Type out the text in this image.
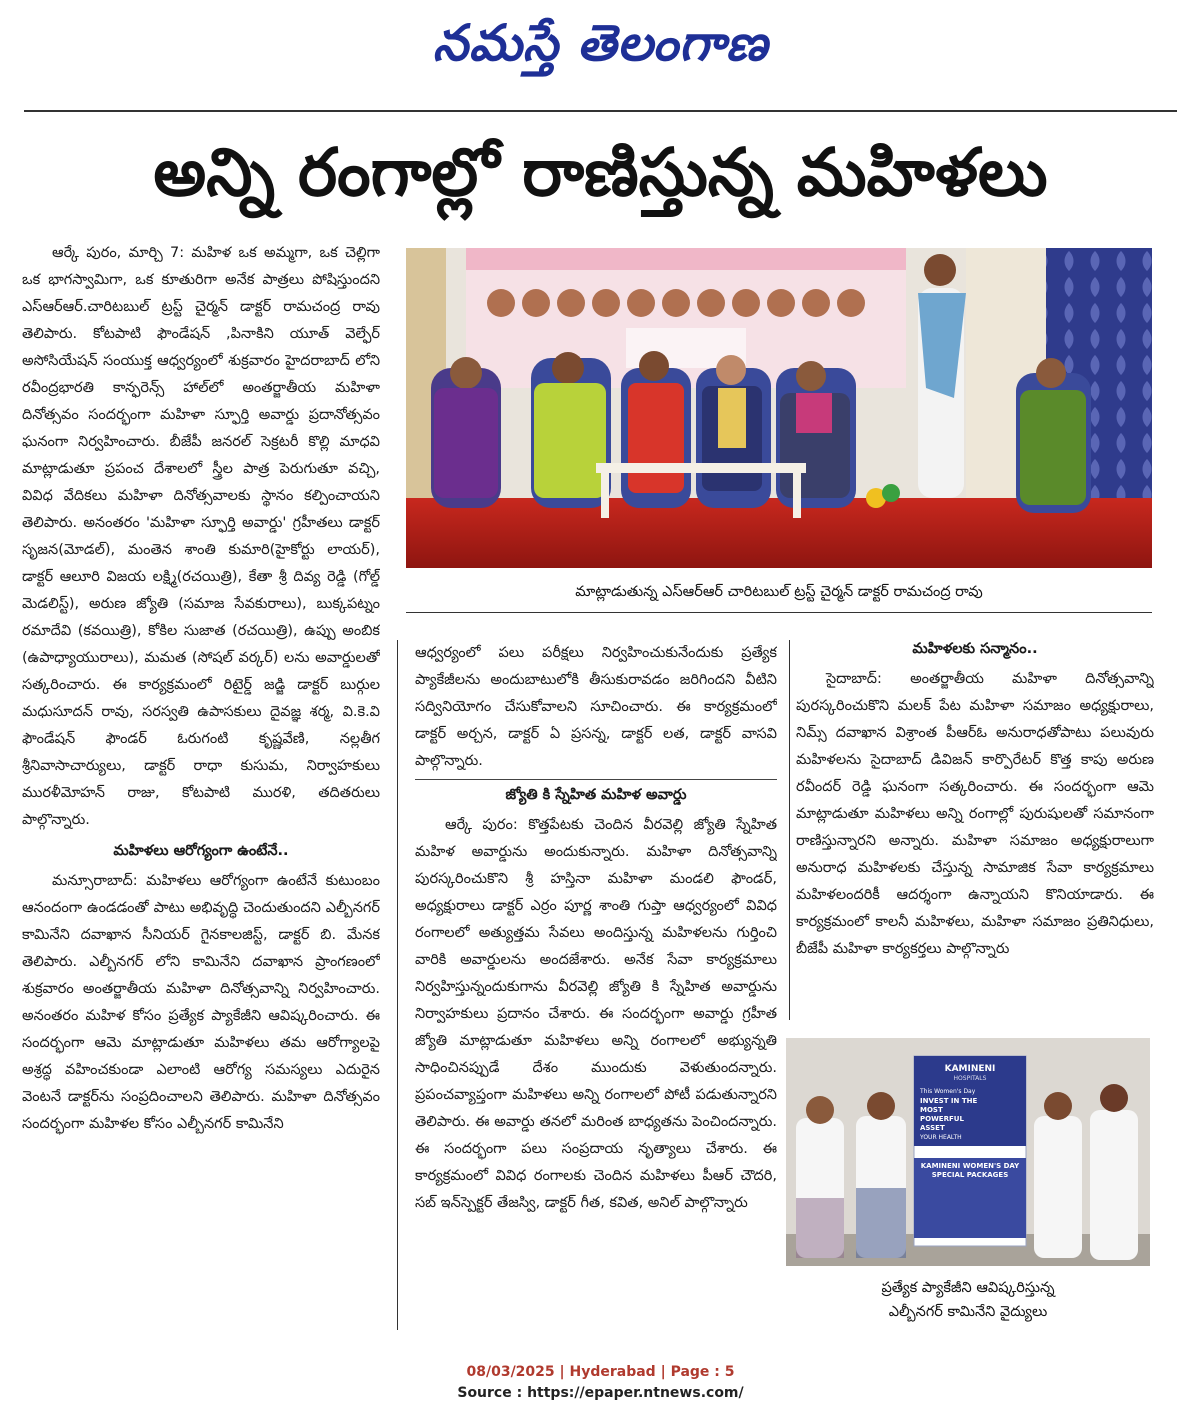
నమస్తే తెలంగాణ
అన్ని రంగాల్లో రాణిస్తున్న మహిళలు

ఆర్కే పురం, మార్చి 7: మహిళ ఒక అమ్మగా, ఒక చెల్లిగా ఒక భాగస్వామిగా, ఒక కూతురిగా అనేక పాత్రలు పోషిస్తుందని ఎస్‌ఆర్‌ఆర్.చారిటబుల్ ట్రస్ట్ చైర్మన్ డాక్టర్ రామచంద్ర రావు తెలిపారు. కోటపాటి ఫౌండేషన్ ,పినాకిని యూత్ వెల్ఫేర్ అసోసియేషన్ సంయుక్త ఆధ్వర్యంలో శుక్రవారం హైదరాబాద్ లోని రవీంద్రభారతి కాన్ఫరెన్స్ హాల్‌లో అంతర్జాతీయ మహిళా దినోత్సవం సందర్భంగా మహిళా స్ఫూర్తి అవార్డు ప్రదానోత్సవం ఘనంగా నిర్వహించారు. బీజేపీ జనరల్ సెక్రటరీ కొల్లి మాధవి మాట్లాడుతూ ప్రపంచ దేశాలలో స్త్రీల పాత్ర పెరుగుతూ వచ్చి, వివిధ వేదికలు మహిళా దినోత్సవాలకు స్థానం కల్పించాయని తెలిపారు. అనంతరం 'మహిళా స్ఫూర్తి అవార్డు' గ్రహీతలు డాక్టర్ సృజన(మోడల్), మంతెన శాంతి కుమారి(హైకోర్టు లాయర్), డాక్టర్ ఆలూరి విజయ లక్ష్మి(రచయిత్రి), కేతా శ్రీ దివ్య రెడ్డి (గోల్డ్ మెడలిస్ట్), అరుణ జ్యోతి (సమాజ సేవకురాలు), బుక్కపట్నం రమాదేవి (కవయిత్రి), కోకిల సుజాత (రచయిత్రి), ఉప్పు అంబిక (ఉపాధ్యాయురాలు), మమత (సోషల్ వర్కర్) లను అవార్డులతో సత్కరించారు. ఈ కార్యక్రమంలో రిటైర్డ్ జడ్జి డాక్టర్ బుర్గుల మధుసూదన్ రావు, సరస్వతి ఉపాసకులు దైవజ్ఞ శర్మ, వి.కె.వి ఫౌండేషన్ ఫౌండర్ ఓరుగంటి కృష్ణవేణి, నల్లతీగ శ్రీనివాసాచార్యులు, డాక్టర్ రాధా కుసుమ, నిర్వాహకులు మురళీమోహన్ రాజు, కోటపాటి మురళి, తదితరులు పాల్గొన్నారు.

మహిళలు ఆరోగ్యంగా ఉంటేనే..

మన్సూరాబాద్: మహిళలు ఆరోగ్యంగా ఉంటేనే కుటుంబం ఆనందంగా ఉండడంతో పాటు అభివృద్ధి చెందుతుందని ఎల్బీనగర్ కామినేని దవాఖాన సీనియర్ గైనకాలజిస్ట్, డాక్టర్ బి. మేనక తెలిపారు. ఎల్బీనగర్ లోని కామినేని దవాఖాన ప్రాంగణంలో శుక్రవారం అంతర్జాతీయ మహిళా దినోత్సవాన్ని నిర్వహించారు. అనంతరం మహిళ కోసం ప్రత్యేక ప్యాకేజీని ఆవిష్కరించారు. ఈ సందర్భంగా ఆమె మాట్లాడుతూ మహిళలు తమ ఆరోగ్యాలపై అశ్రద్ధ వహించకుండా ఎలాంటి ఆరోగ్య సమస్యలు ఎదురైన వెంటనే డాక్టర్‌ను సంప్రదించాలని తెలిపారు. మహిళా దినోత్సవం సందర్భంగా మహిళల కోసం ఎల్బీనగర్ కామినేని

మాట్లాడుతున్న ఎస్‌ఆర్‌ఆర్ చారిటబుల్ ట్రస్ట్ చైర్మన్ డాక్టర్ రామచంద్ర రావు

ఆధ్వర్యంలో పలు పరీక్షలు నిర్వహించుకునేందుకు ప్రత్యేక ప్యాకేజీలను అందుబాటులోకి తీసుకురావడం జరిగిందని వీటిని సద్వినియోగం చేసుకోవాలని సూచించారు. ఈ కార్యక్రమంలో డాక్టర్ అర్చన, డాక్టర్ ఏ ప్రసన్న, డాక్టర్ లత, డాక్టర్ వాసవి పాల్గొన్నారు.

జ్యోతి కి స్నేహిత మహిళ అవార్డు

ఆర్కే పురం: కొత్తపేటకు చెందిన వీరవెల్లి జ్యోతి స్నేహిత మహిళ అవార్డును అందుకున్నారు. మహిళా దినోత్సవాన్ని పురస్కరించుకొని శ్రీ హస్తినా మహిళా మండలి ఫౌండర్, అధ్యక్షురాలు డాక్టర్ ఎర్రం పూర్ణ శాంతి గుప్తా ఆధ్వర్యంలో వివిధ రంగాలలో అత్యుత్తమ సేవలు అందిస్తున్న మహిళలను గుర్తించి వారికి అవార్డులను అందజేశారు. అనేక సేవా కార్యక్రమాలు నిర్వహిస్తున్నందుకుగాను వీరవెల్లి జ్యోతి కి స్నేహిత అవార్డును నిర్వాహకులు ప్రదానం చేశారు. ఈ సందర్భంగా అవార్డు గ్రహీత జ్యోతి మాట్లాడుతూ మహిళలు అన్ని రంగాలలో అభ్యున్నతి సాధించినప్పుడే దేశం ముందుకు వెళుతుందన్నారు. ప్రపంచవ్యాప్తంగా మహిళలు అన్ని రంగాలలో పోటీ పడుతున్నారని తెలిపారు. ఈ అవార్డు తనలో మరింత బాధ్యతను పెంచిందన్నారు. ఈ సందర్భంగా పలు సంప్రదాయ నృత్యాలు చేశారు. ఈ కార్యక్రమంలో వివిధ రంగాలకు చెందిన మహిళలు పీఆర్ చౌదరి, సబ్ ఇన్‌స్పెక్టర్ తేజస్వి, డాక్టర్ గీత, కవిత, అనిల్ పాల్గొన్నారు

మహిళలకు సన్మానం..

సైదాబాద్: అంతర్జాతీయ మహిళా దినోత్సవాన్ని పురస్కరించుకొని మలక్ పేట మహిళా సమాజం అధ్యక్షురాలు, నిమ్స్ దవాఖాన విశ్రాంత పీఆర్‌ఓ అనురాధతోపాటు పలువురు మహిళలను సైదాబాద్ డివిజన్ కార్పొరేటర్ కొత్త కాపు అరుణ రవీందర్ రెడ్డి ఘనంగా సత్కరించారు. ఈ సందర్భంగా ఆమె మాట్లాడుతూ మహిళలు అన్ని రంగాల్లో పురుషులతో సమానంగా రాణిస్తున్నారని అన్నారు. మహిళా సమాజం అధ్యక్షురాలుగా అనురాధ మహిళలకు చేస్తున్న సామాజిక సేవా కార్యక్రమాలు మహిళలందరికీ ఆదర్శంగా ఉన్నాయని కొనియాడారు. ఈ కార్యక్రమంలో కాలనీ మహిళలు, మహిళా సమాజం ప్రతినిధులు, బీజేపీ మహిళా కార్యకర్తలు పాల్గొన్నారు

KAMINENI
HOSPITALS
This Women's Day
INVEST IN THE MOST POWERFUL ASSET
YOUR HEALTH
KAMINENI WOMEN'S DAY SPECIAL PACKAGES
ప్రత్యేక ప్యాకేజీని ఆవిష్కరిస్తున్న
ఎల్బీనగర్ కామినేని వైద్యులు
08/03/2025 | Hyderabad | Page : 5
Source : https://epaper.ntnews.com/
